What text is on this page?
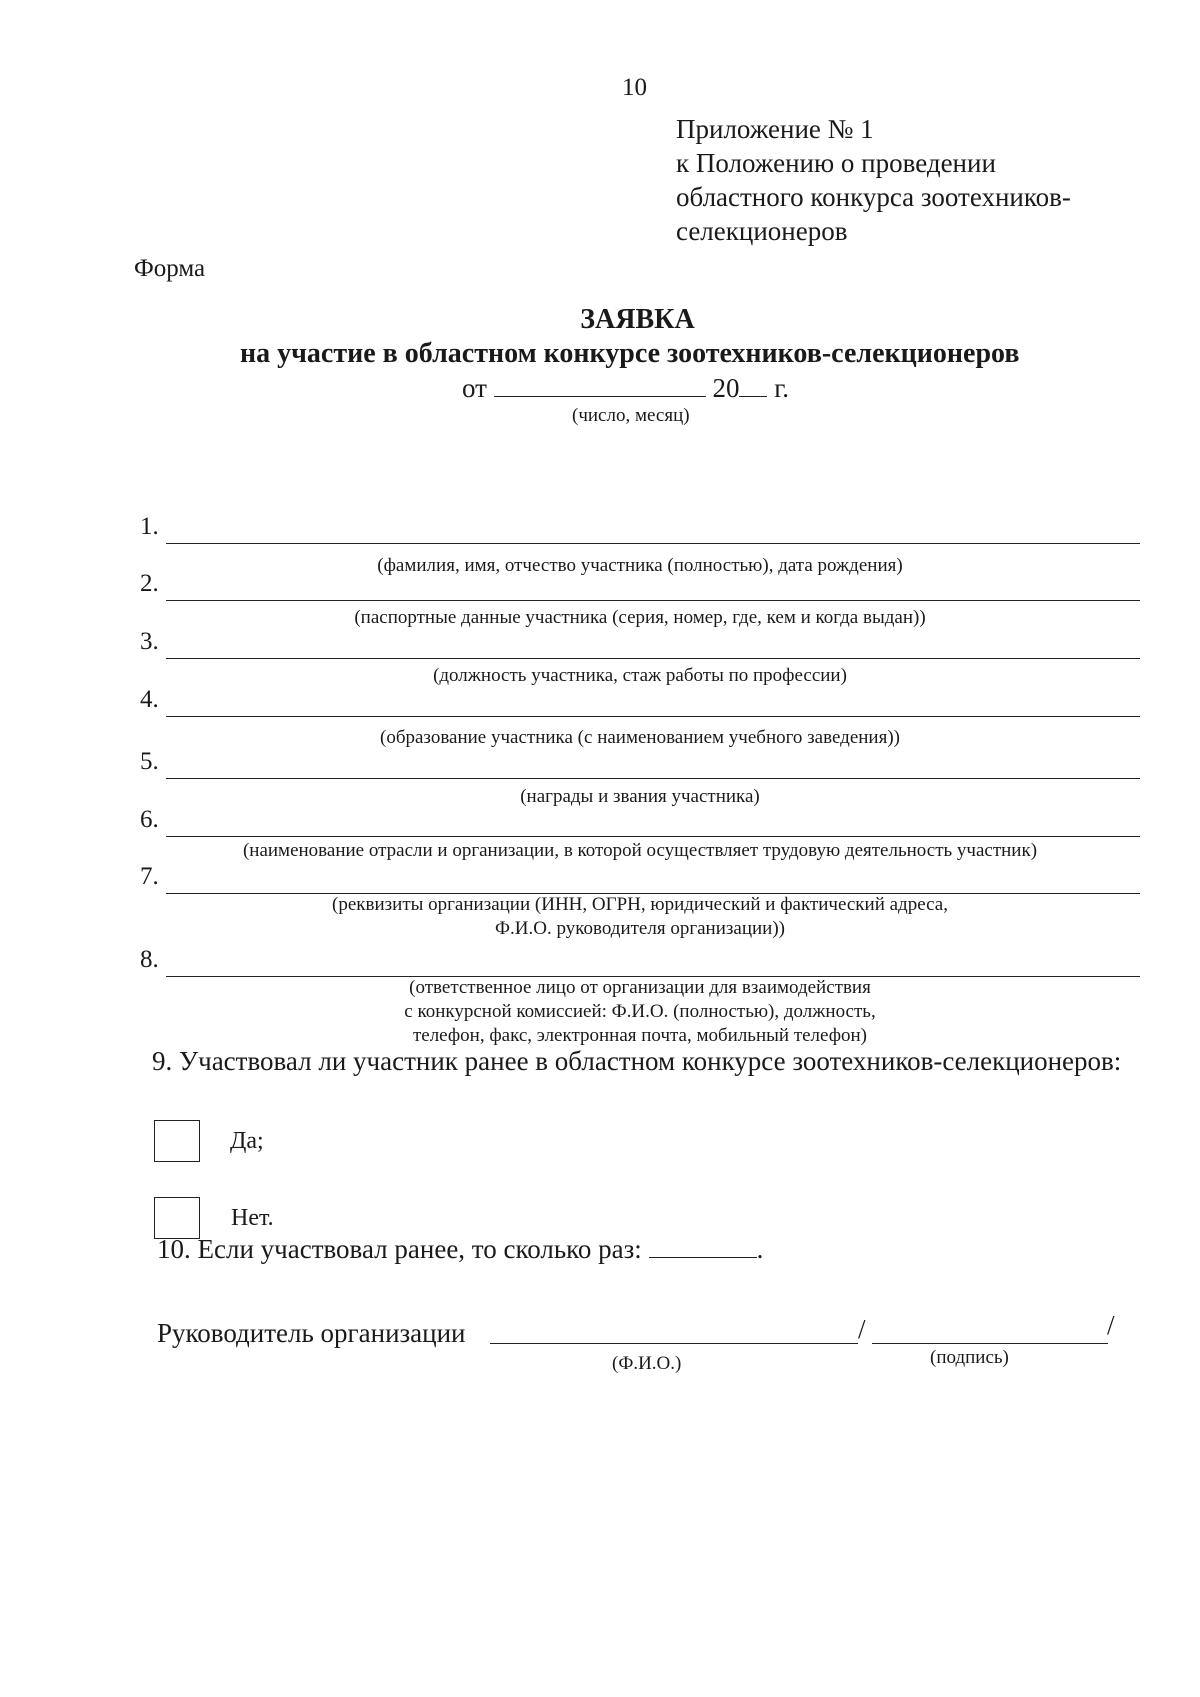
10
Приложение № 1
к Положению о проведении
областного конкурса зоотехников-
селекционеров
Форма
ЗАЯВКА
на участие в областном конкурсе зоотехников-селекционеров
от	20 г.
(число, месяц)
1.
(фамилия, имя, отчество участника (полностью), дата рождения)
2.
(паспортные данные участника (серия, номер, где, кем и когда выдан))
3.
(должность участника, стаж работы по профессии)
4.
(образование участника (с наименованием учебного заведения))
5.
(награды и звания участника)
6.
(наименование отрасли и организации, в которой осуществляет трудовую деятельность участник)
7.
(реквизиты организации (ИНН, ОГРН, юридический и фактический адреса,
Ф.И.О. руководителя организации))
8.
(ответственное лицо от организации для взаимодействия
с конкурсной комиссией: Ф.И.О. (полностью), должность,
телефон, факс, электронная почта, мобильный телефон)
9. Участвовал ли участник ранее в областном конкурсе зоотехников-селекционеров:
Да;
Нет.
10. Если участвовал ранее, то сколько раз:	.
Руководитель организации	/	/
(Ф.И.О.)	(подпись)
